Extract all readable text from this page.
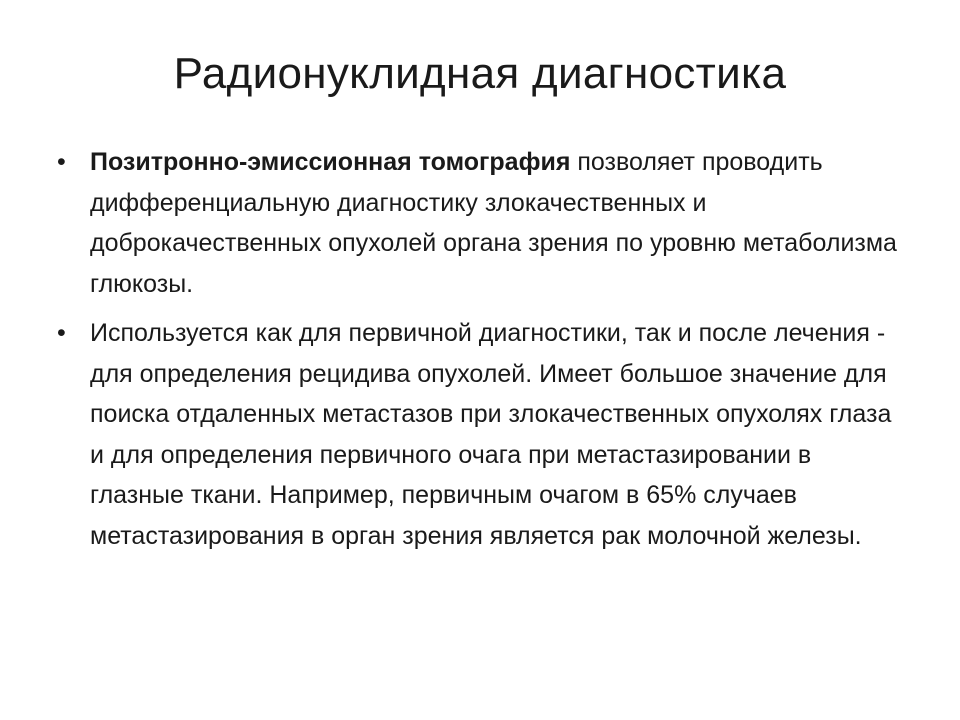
Радионуклидная диагностика
• Позитронно-эмиссионная томография позволяет проводить дифференциальную диагностику злокачественных и доброкачественных опухолей органа зрения по уровню метаболизма глюкозы.
• Используется как для первичной диагностики, так и после лечения - для определения рецидива опухолей. Имеет большое значение для поиска отдаленных метастазов при злокачественных опухолях глаза и для определения первичного очага при метастазировании в глазные ткани. Например, первичным очагом в 65% случаев метастазирования в орган зрения является рак молочной железы.
